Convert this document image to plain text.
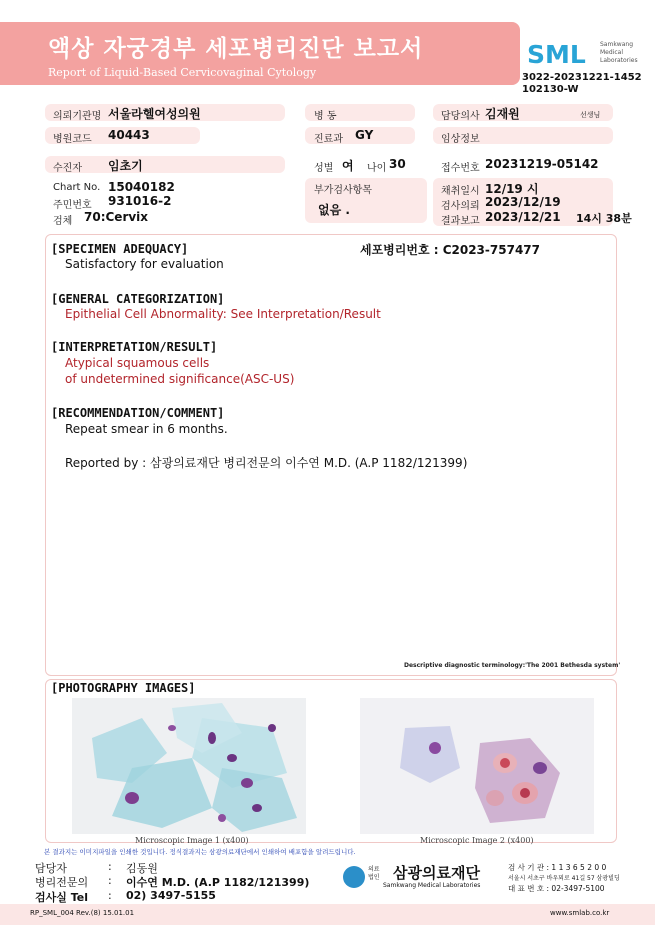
액상 자궁경부 세포병리진단 보고서
Report of Liquid-Based Cervicovaginal Cytology
SML Samkwang
Medical
Laboratories
3022-20231221-1452
102130-W
의뢰기관명 서울라헬여성의원
병원코드 40443
수진자 임초기
Chart No. 15040182
주민번호 931016-2
검체 70:Cervix
병 동
진료과 GY
성별 여 나이 30
부가검사항목
없음 .
담당의사 김재원	선생님
임상정보
접수번호 20231219-05142
채취일시 12/19 시
검사의뢰 2023/12/19
결과보고 2023/12/21 14시 38분
[SPECIMEN ADEQUACY]	세포병리번호 : C2023-757477
Satisfactory for evaluation
[GENERAL CATEGORIZATION]
Epithelial Cell Abnormality: See Interpretation/Result
[INTERPRETATION/RESULT]
Atypical squamous cells
of undetermined significance(ASC-US)
[RECOMMENDATION/COMMENT]
Repeat smear in 6 months.
Reported by : 삼광의료재단 병리전문의 이수연 M.D. (A.P 1182/121399)
Descriptive diagnostic terminology:'The 2001 Bethesda system'
[PHOTOGRAPHY IMAGES]
Microscopic Image 1 (x400)	Microscopic Image 2 (x400)
본 결과지는 이미지파일을 인쇄한 것입니다. 정식결과지는 삼광의료재단에서 인쇄하여 배포함을 알려드립니다.
담당자	: 김동원
병리전문의 : 이수연 M.D. (A.P 1182/121399)
검사실 Tel : 02) 3497-5155
의료
법인 삼광의료재단
Samkwang Medical Laboratories
검 사 기 관 : 1 1 3 6 5 2 0 0
서울시 서초구 바우뫼로 41길 57 삼광빌딩
대 표 번 호 : 02-3497-5100
RP_SML_004 Rev.(8) 15.01.01	www.smlab.co.kr
